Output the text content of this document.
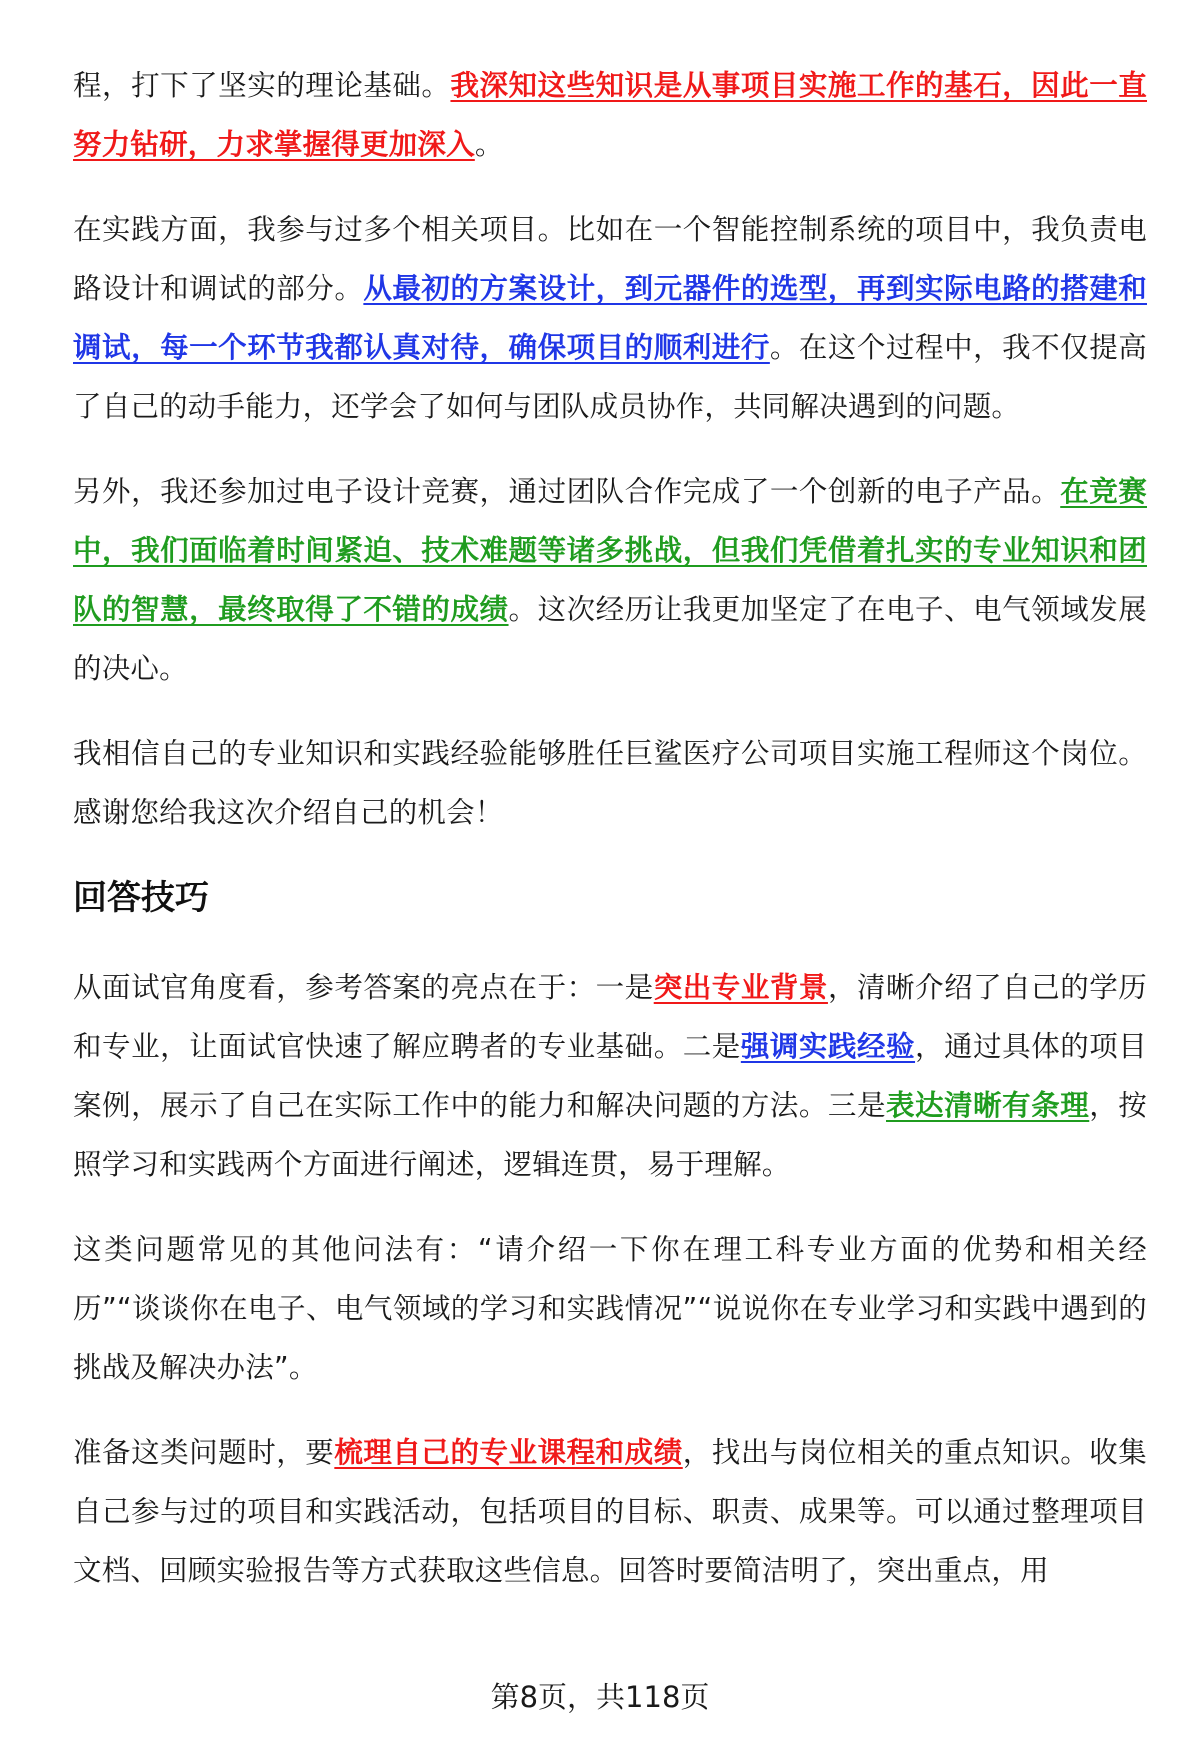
程，打下了坚实的理论基础。我深知这些知识是从事项目实施工作的基石，因此一直努力钻研，力求掌握得更加深入。

在实践方面，我参与过多个相关项目。比如在一个智能控制系统的项目中，我负责电路设计和调试的部分。从最初的方案设计，到元器件的选型，再到实际电路的搭建和调试，每一个环节我都认真对待，确保项目的顺利进行。在这个过程中，我不仅提高了自己的动手能力，还学会了如何与团队成员协作，共同解决遇到的问题。

另外，我还参加过电子设计竞赛，通过团队合作完成了一个创新的电子产品。在竞赛中，我们面临着时间紧迫、技术难题等诸多挑战，但我们凭借着扎实的专业知识和团队的智慧，最终取得了不错的成绩。这次经历让我更加坚定了在电子、电气领域发展的决心。

我相信自己的专业知识和实践经验能够胜任巨鲨医疗公司项目实施工程师这个岗位。感谢您给我这次介绍自己的机会！

回答技巧

从面试官角度看，参考答案的亮点在于：一是突出专业背景，清晰介绍了自己的学历和专业，让面试官快速了解应聘者的专业基础。二是强调实践经验，通过具体的项目案例，展示了自己在实际工作中的能力和解决问题的方法。三是表达清晰有条理，按照学习和实践两个方面进行阐述，逻辑连贯，易于理解。

这类问题常见的其他问法有：“请介绍一下你在理工科专业方面的优势和相关经历”“谈谈你在电子、电气领域的学习和实践情况”“说说你在专业学习和实践中遇到的挑战及解决办法”。

准备这类问题时，要梳理自己的专业课程和成绩，找出与岗位相关的重点知识。收集自己参与过的项目和实践活动，包括项目的目标、职责、成果等。可以通过整理项目文档、回顾实验报告等方式获取这些信息。回答时要简洁明了，突出重点，用

第8页，共118页
